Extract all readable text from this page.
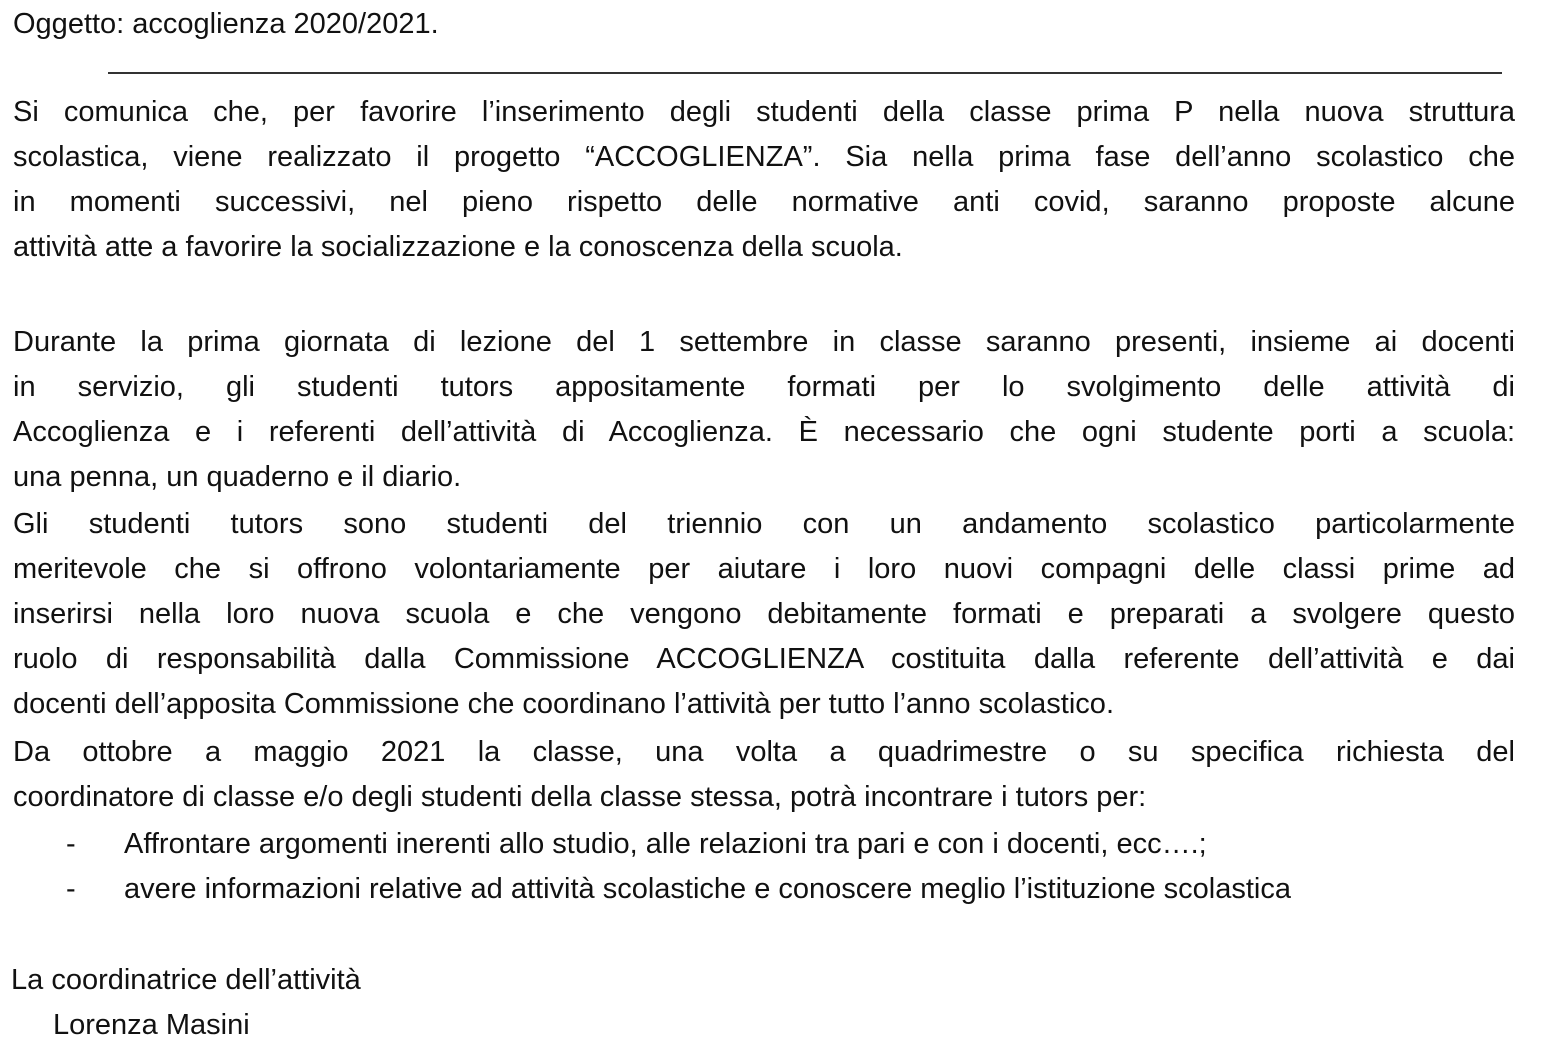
Oggetto: accoglienza 2020/2021.
Si comunica che, per favorire l’inserimento degli studenti della classe prima P nella nuova struttura
scolastica, viene realizzato il progetto “ACCOGLIENZA”. Sia nella prima fase dell’anno scolastico che
in momenti successivi, nel pieno rispetto delle normative anti covid, saranno proposte alcune
attività atte a favorire la socializzazione e la conoscenza della scuola.
Durante la prima giornata di lezione del 1 settembre in classe saranno presenti, insieme ai docenti
in servizio, gli studenti tutors appositamente formati per lo svolgimento delle attività di
Accoglienza e i referenti dell’attività di Accoglienza. È necessario che ogni studente porti a scuola:
una penna, un quaderno e il diario.
Gli studenti tutors sono studenti del triennio con un andamento scolastico particolarmente
meritevole che si offrono volontariamente per aiutare i loro nuovi compagni delle classi prime ad
inserirsi nella loro nuova scuola e che vengono debitamente formati e preparati a svolgere questo
ruolo di responsabilità dalla Commissione ACCOGLIENZA costituita dalla referente dell’attività e dai
docenti dell’apposita Commissione che coordinano l’attività per tutto l’anno scolastico.
Da ottobre a maggio 2021 la classe, una volta a quadrimestre o su specifica richiesta del
coordinatore di classe e/o degli studenti della classe stessa, potrà incontrare i tutors per:
- Affrontare argomenti inerenti allo studio, alle relazioni tra pari e con i docenti, ecc….;
- avere informazioni relative ad attività scolastiche e conoscere meglio l’istituzione scolastica
La coordinatrice dell’attività
Lorenza Masini
